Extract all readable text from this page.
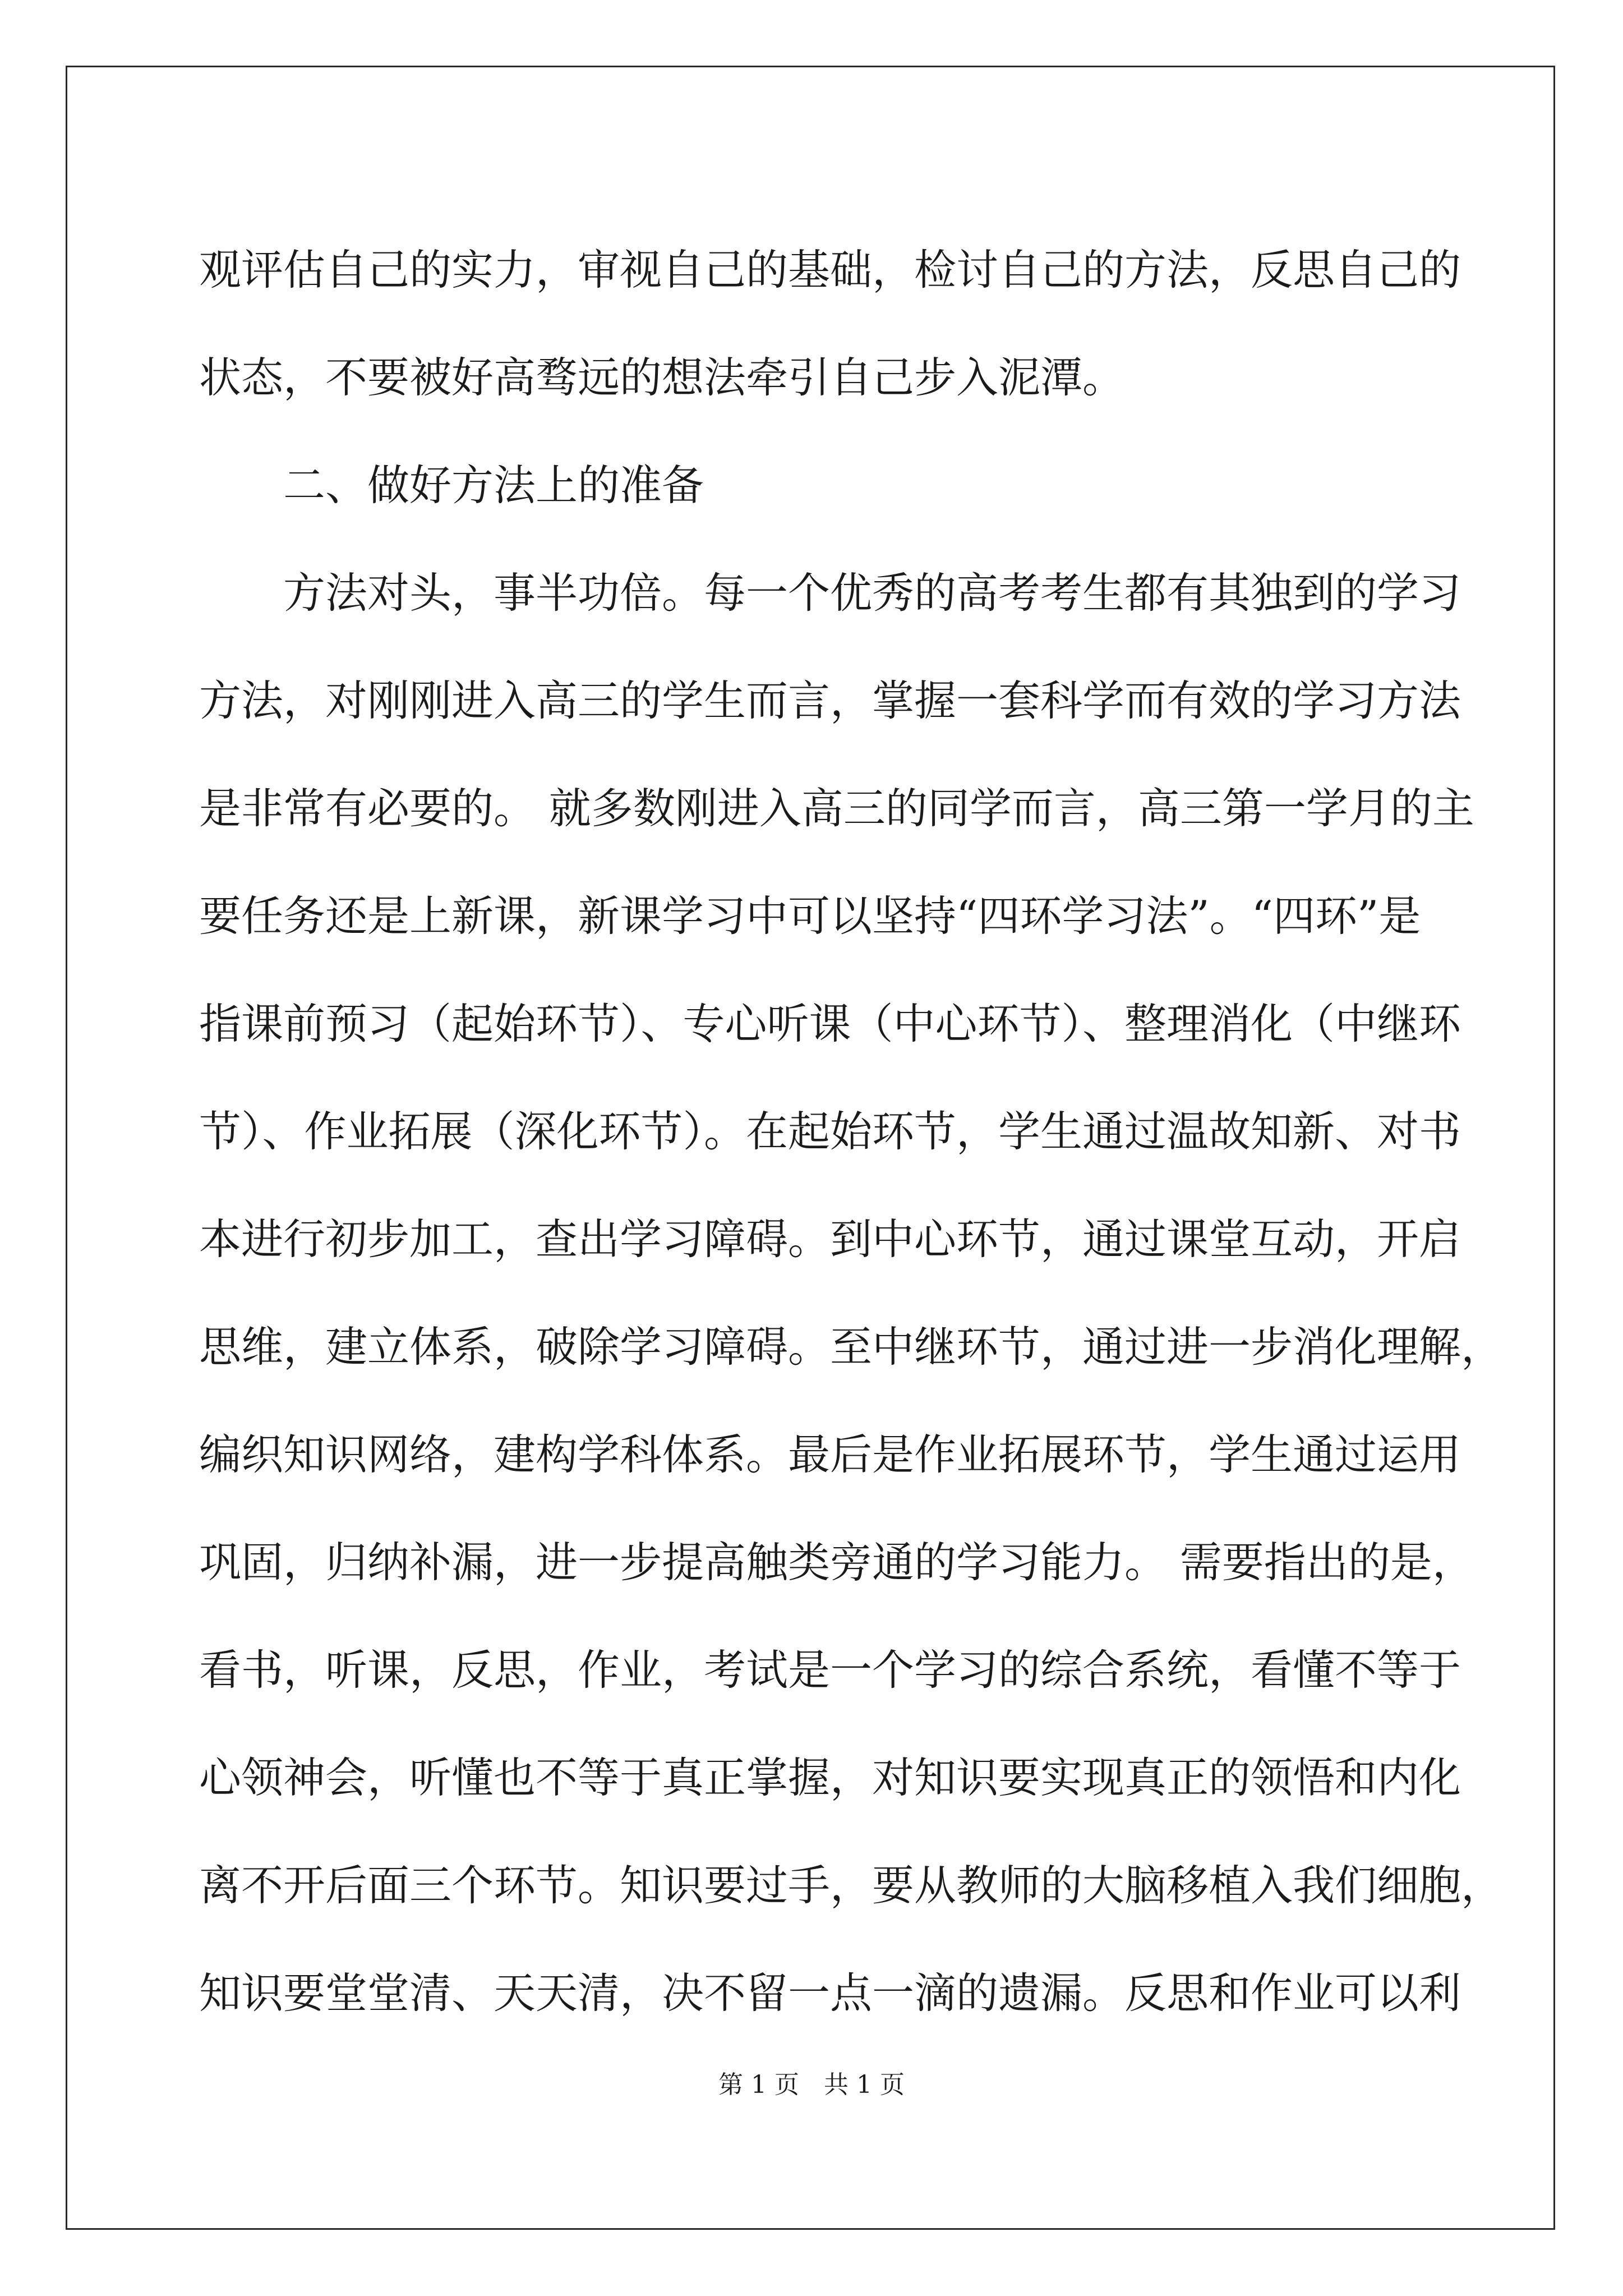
观评估自己的实力，审视自己的基础，检讨自己的方法，反思自己的
状态，不要被好高骛远的想法牵引自己步入泥潭。
二、做好方法上的准备
方法对头，事半功倍。每一个优秀的高考考生都有其独到的学习
方法，对刚刚进入高三的学生而言，掌握一套科学而有效的学习方法
是非常有必要的。 就多数刚进入高三的同学而言，高三第一学月的主
要任务还是上新课，新课学习中可以坚持“四环学习法”。“四环”是
指课前预习（起始环节）、专心听课（中心环节）、整理消化（中继环
节）、作业拓展（深化环节）。在起始环节，学生通过温故知新、对书
本进行初步加工，查出学习障碍。到中心环节，通过课堂互动，开启
思维，建立体系，破除学习障碍。至中继环节，通过进一步消化理解，
编织知识网络，建构学科体系。最后是作业拓展环节，学生通过运用
巩固，归纳补漏，进一步提高触类旁通的学习能力。 需要指出的是，
看书，听课，反思，作业，考试是一个学习的综合系统，看懂不等于
心领神会，听懂也不等于真正掌握，对知识要实现真正的领悟和内化
离不开后面三个环节。知识要过手，要从教师的大脑移植入我们细胞，
知识要堂堂清、天天清，决不留一点一滴的遗漏。反思和作业可以利
第 1 页　共 1 页
